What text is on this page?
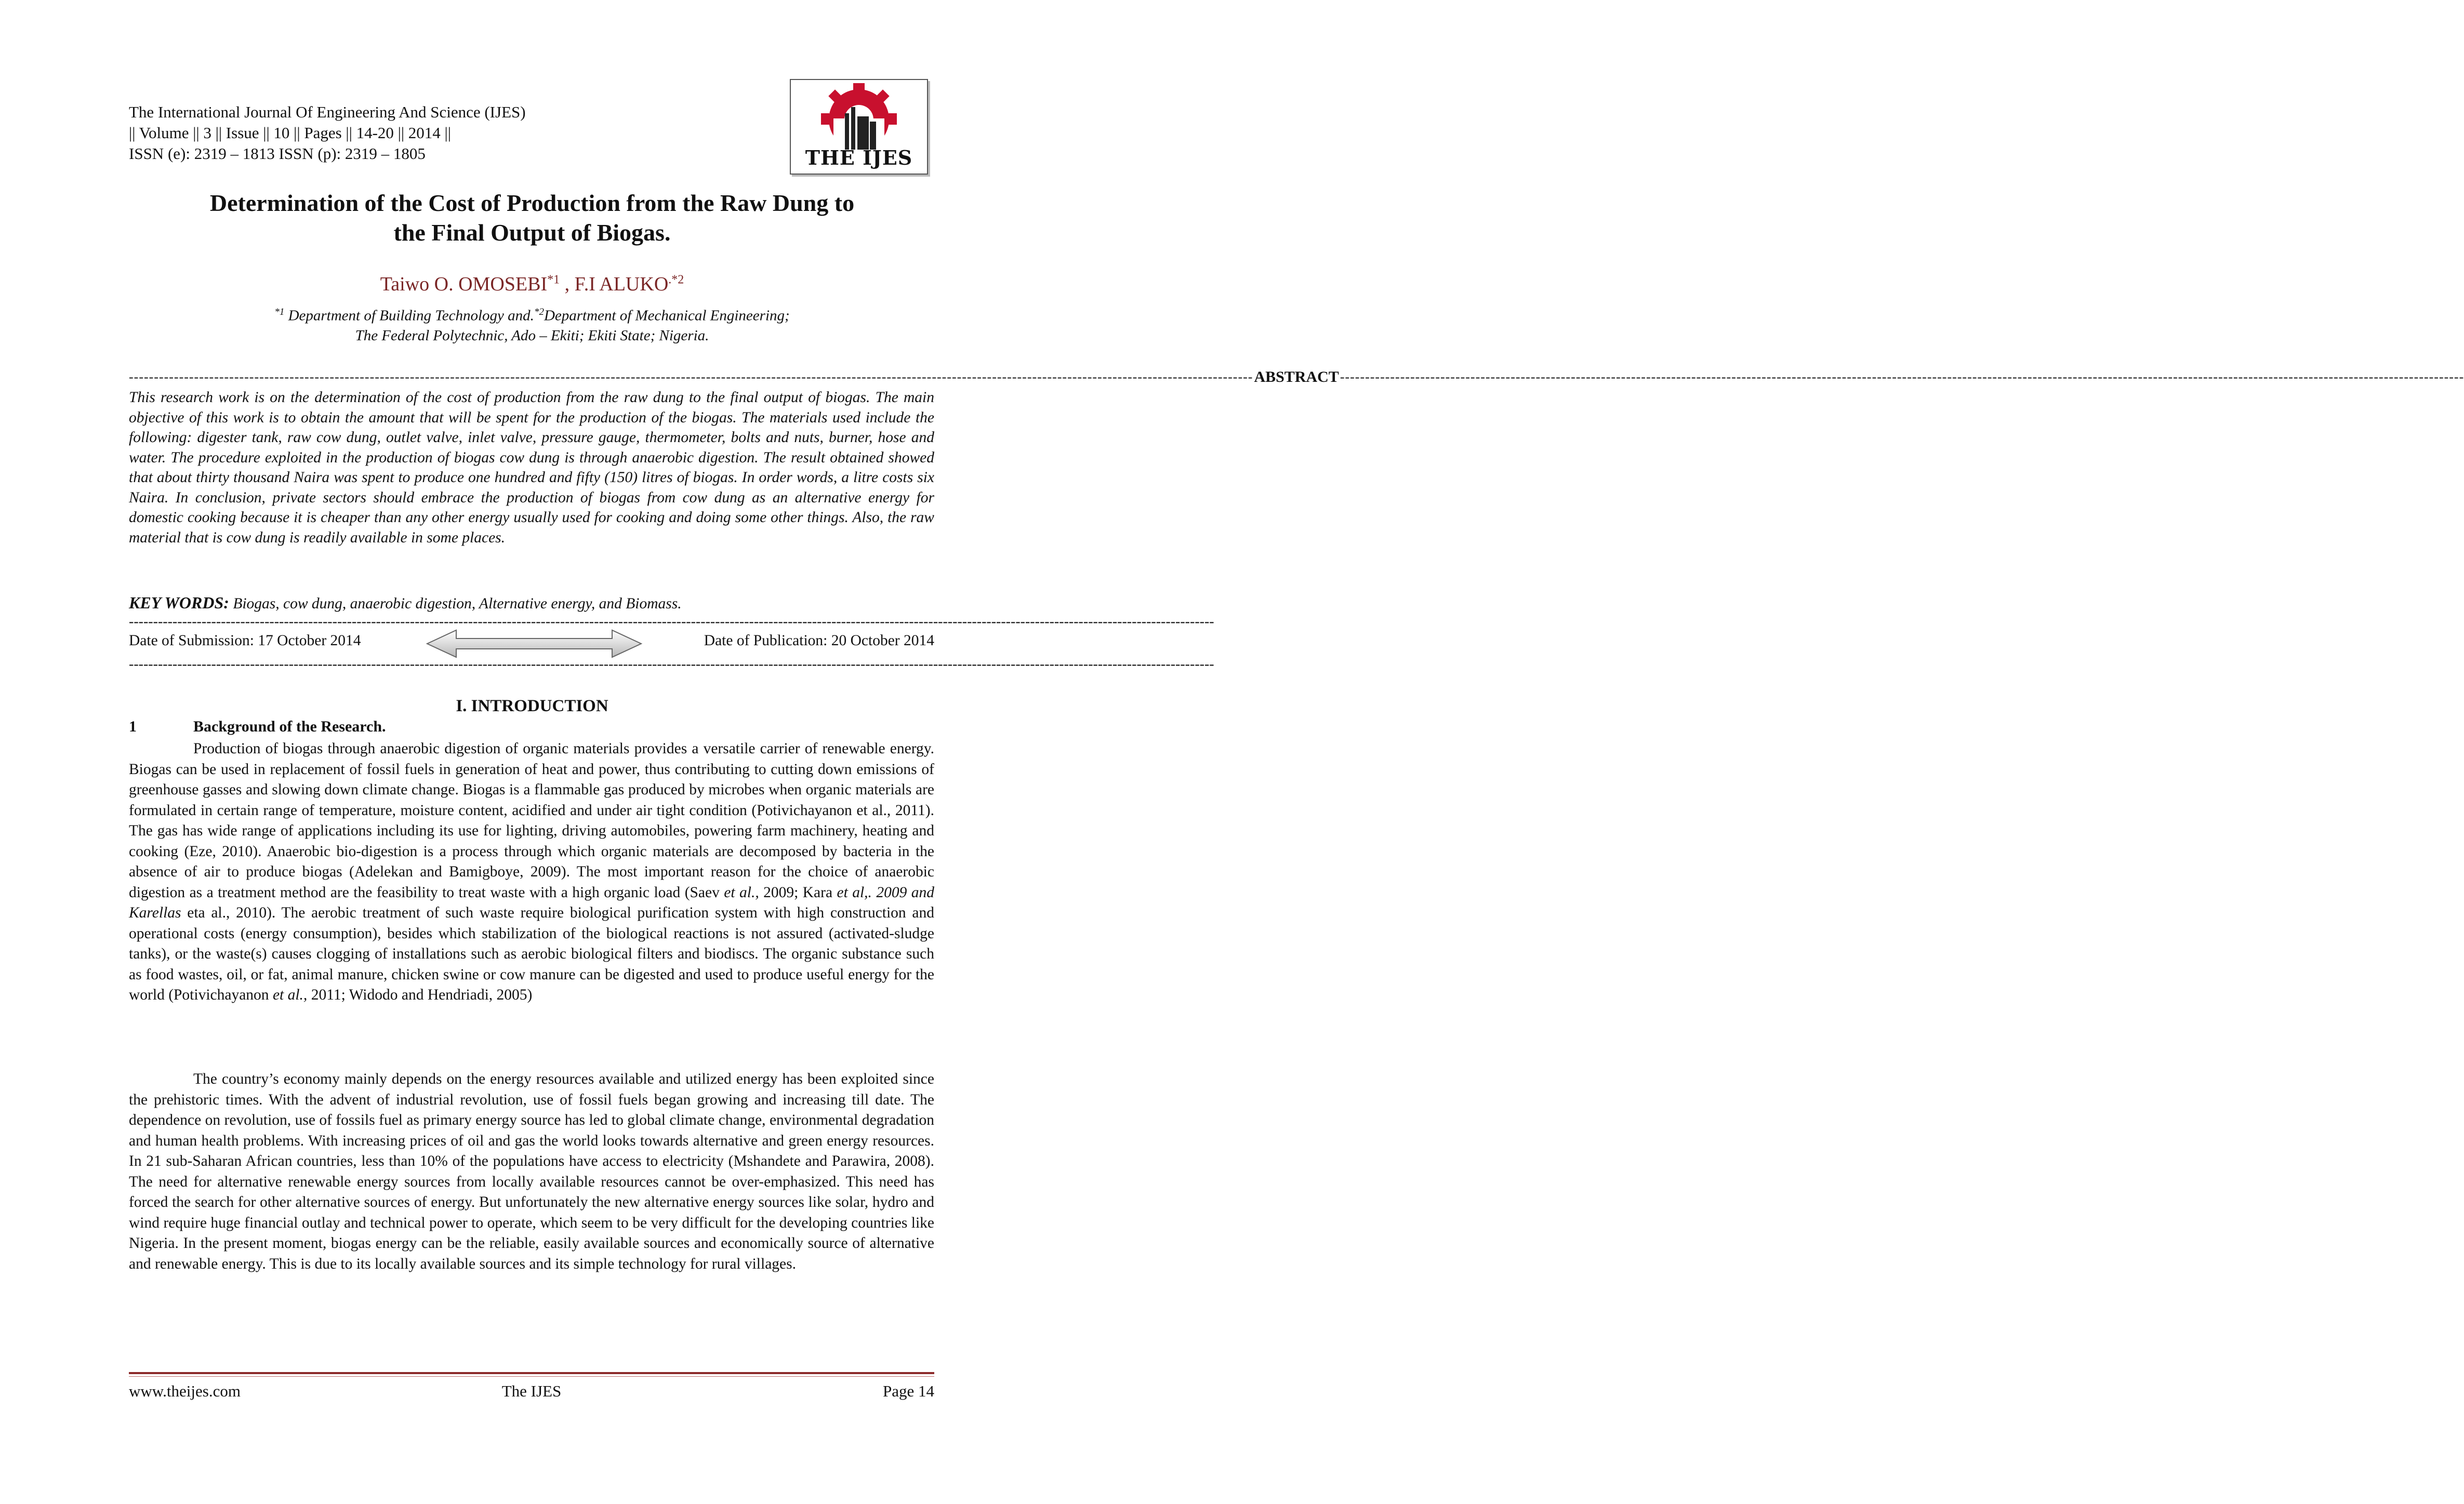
The International Journal Of Engineering And Science (IJES)
|| Volume || 3 || Issue || 10 || Pages || 14-20 || 2014 ||
ISSN (e): 2319 – 1813 ISSN (p): 2319 – 1805	THE IJES
Determination of the Cost of Production from the Raw Dung to
the Final Output of Biogas.
Taiwo O. OMOSEBI$^{*1}$ , F.I $ALUKO^{.*2}$
$^{*1}$ Department of Building Technology and.$^{*2}$Department of Mechanical Engineering;
The Federal Polytechnic, Ado – Ekiti; Ekiti State; Nigeria.
-------------------------------------------------------------------------------------------------------------------------------------------------------------------------------------------------------------------------------- ABSTRACT --------------------------------------------------------------------------------------------------------------------------------------------------------------------------------------------------------------------------------
This research work is on the determination of the cost of production from the raw dung to the final output of biogas. The main objective of this work is to obtain the amount that will be spent for the production of the biogas. The materials used include the following: digester tank, raw cow dung, outlet valve, inlet valve, pressure gauge, thermometer, bolts and nuts, burner, hose and water. The procedure exploited in the production of biogas cow dung is through anaerobic digestion. The result obtained showed that about thirty thousand Naira was spent to produce one hundred and fifty (150) litres of biogas. In order words, a litre costs six Naira. In conclusion, private sectors should embrace the production of biogas from cow dung as an alternative energy for domestic cooking because it is cheaper than any other energy usually used for cooking and doing some other things. Also, the raw material that is cow dung is readily available in some places.
KEY WORDS: Biogas, cow dung, anaerobic digestion, Alternative energy, and Biomass.
--------------------------------------------------------------------------------------------------------------------------------------------------------------------------------------------------------------------------------
Date of Submission: 17 October 2014	Date of Publication: 20 October 2014
--------------------------------------------------------------------------------------------------------------------------------------------------------------------------------------------------------------------------------
I. INTRODUCTION
1	Background of the Research.
Production of biogas through anaerobic digestion of organic materials provides a versatile carrier of renewable energy. Biogas can be used in replacement of fossil fuels in generation of heat and power, thus contributing to cutting down emissions of greenhouse gasses and slowing down climate change. Biogas is a flammable gas produced by microbes when organic materials are formulated in certain range of temperature, moisture content, acidified and under air tight condition (Potivichayanon et al., 2011). The gas has wide range of applications including its use for lighting, driving automobiles, powering farm machinery, heating and cooking (Eze, 2010). Anaerobic bio-digestion is a process through which organic materials are decomposed by bacteria in the absence of air to produce biogas (Adelekan and Bamigboye, 2009). The most important reason for the choice of anaerobic digestion as a treatment method are the feasibility to treat waste with a high organic load (Saev et al., 2009; Kara et al,. 2009 and Karellas eta al., 2010). The aerobic treatment of such waste require biological purification system with high construction and operational costs (energy consumption), besides which stabilization of the biological reactions is not assured (activated-sludge tanks), or the waste(s) causes clogging of installations such as aerobic biological filters and biodiscs. The organic substance such as food wastes, oil, or fat, animal manure, chicken swine or cow manure can be digested and used to produce useful energy for the world (Potivichayanon et al., 2011; Widodo and Hendriadi, 2005)
The country’s economy mainly depends on the energy resources available and utilized energy has been exploited since the prehistoric times. With the advent of industrial revolution, use of fossil fuels began growing and increasing till date. The dependence on revolution, use of fossils fuel as primary energy source has led to global climate change, environmental degradation and human health problems. With increasing prices of oil and gas the world looks towards alternative and green energy resources. In 21 sub-Saharan African countries, less than 10% of the populations have access to electricity (Mshandete and Parawira, 2008). The need for alternative renewable energy sources from locally available resources cannot be over-emphasized. This need has forced the search for other alternative sources of energy. But unfortunately the new alternative energy sources like solar, hydro and wind require huge financial outlay and technical power to operate, which seem to be very difficult for the developing countries like Nigeria. In the present moment, biogas energy can be the reliable, easily available sources and economically source of alternative and renewable energy. This is due to its locally available sources and its simple technology for rural villages.
www.theijes.com	The IJES	Page 14
